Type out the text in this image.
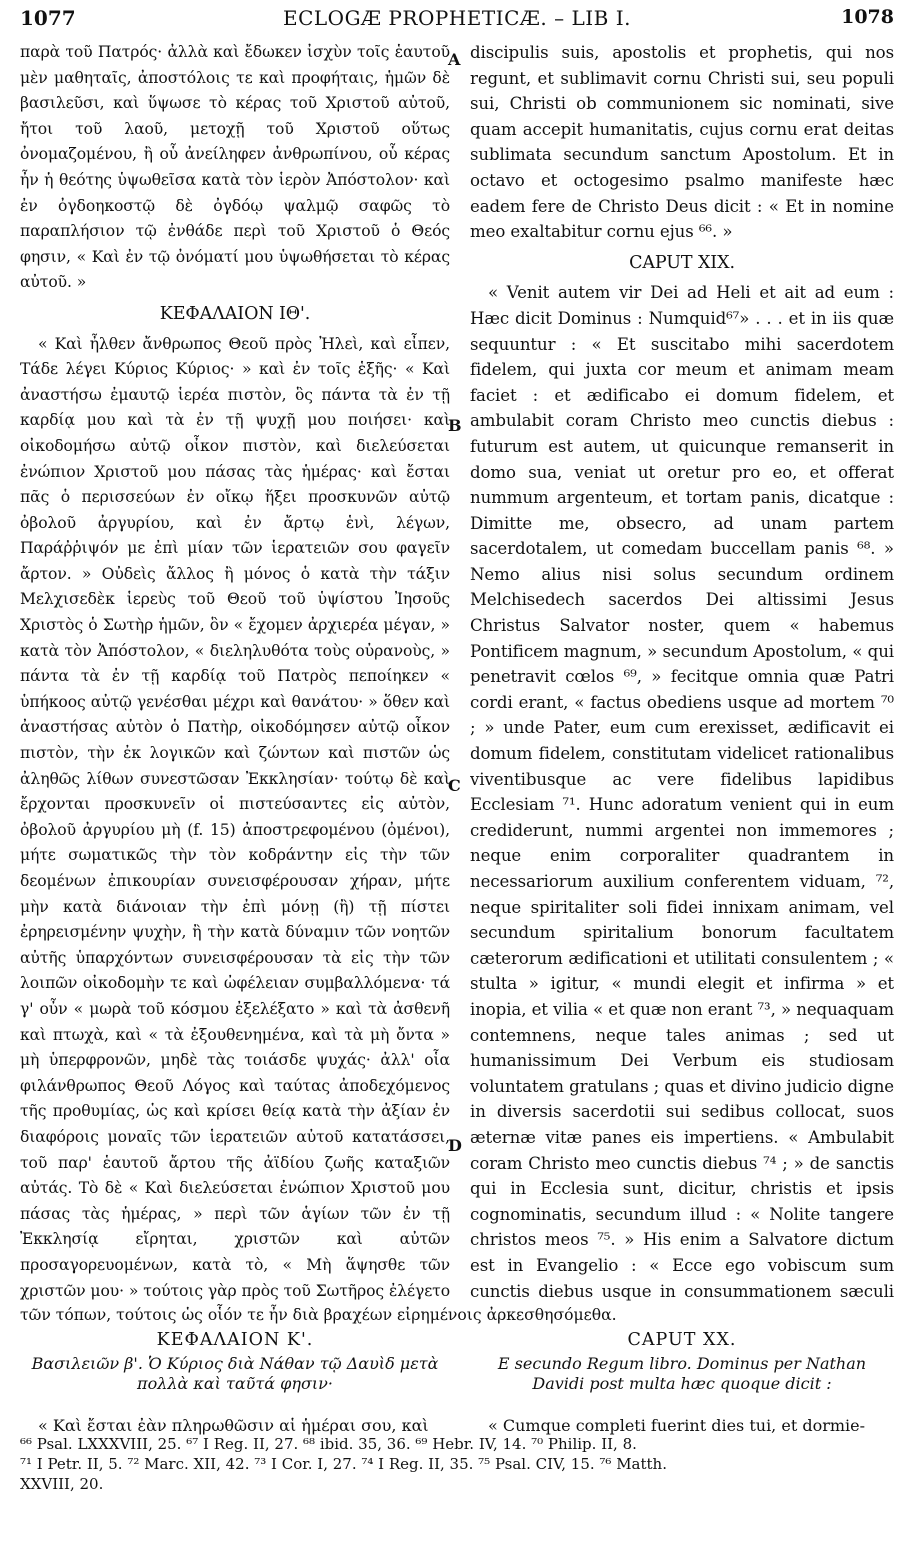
1077	ECLOGÆ PROPHETICÆ. – LIB I.	1078

παρὰ τοῦ Πατρός· ἀλλὰ καὶ ἔδωκεν ἰσχὺν τοῖς ἑαυτοῦ μὲν μαθηταῖς, ἀποστόλοις τε καὶ προφήταις, ἡμῶν δὲ βασιλεῦσι, καὶ ὕψωσε τὸ κέρας τοῦ Χριστοῦ αὐτοῦ, ἤτοι τοῦ λαοῦ, μετοχῇ τοῦ Χριστοῦ οὕτως ὀνομαζομένου, ἢ οὗ ἀνείληφεν ἀνθρωπίνου, οὗ κέρας ἦν ἡ θεότης ὑψωθεῖσα κατὰ τὸν ἱερὸν Ἀπόστολον· καὶ ἐν ὀγδοηκοστῷ δὲ ὀγδόῳ ψαλμῷ σαφῶς τὸ παραπλήσιον τῷ ἐνθάδε περὶ τοῦ Χριστοῦ ὁ Θεός φησιν, « Καὶ ἐν τῷ ὀνόματί μου ὑψωθήσεται τὸ κέρας αὐτοῦ. »

ΚΕΦΑΛΑΙΟΝ ΙΘ'.

« Καὶ ἦλθεν ἄνθρωπος Θεοῦ πρὸς Ἠλεὶ, καὶ εἶπεν, Τάδε λέγει Κύριος Κύριος· » καὶ ἐν τοῖς ἑξῆς· « Καὶ ἀναστήσω ἐμαυτῷ ἱερέα πιστὸν, ὃς πάντα τὰ ἐν τῇ καρδίᾳ μου καὶ τὰ ἐν τῇ ψυχῇ μου ποιήσει· καὶ οἰκοδομήσω αὐτῷ οἶκον πιστὸν, καὶ διελεύσεται ἐνώπιον Χριστοῦ μου πάσας τὰς ἡμέρας· καὶ ἔσται πᾶς ὁ περισσεύων ἐν οἴκῳ ἥξει προσκυνῶν αὐτῷ ὀβολοῦ ἀργυρίου, καὶ ἐν ἄρτῳ ἑνὶ, λέγων, Παράῤῥιψόν με ἐπὶ μίαν τῶν ἱερατειῶν σου φαγεῖν ἄρτον. » Οὐδεὶς ἄλλος ἢ μόνος ὁ κατὰ τὴν τάξιν Μελχισεδὲκ ἱερεὺς τοῦ Θεοῦ τοῦ ὑψίστου Ἰησοῦς Χριστὸς ὁ Σωτὴρ ἡμῶν, ὃν « ἔχομεν ἀρχιερέα μέγαν, » κατὰ τὸν Ἀπόστολον, « διεληλυθότα τοὺς οὐρανοὺς, » πάντα τὰ ἐν τῇ καρδίᾳ τοῦ Πατρὸς πεποίηκεν « ὑπήκοος αὐτῷ γενέσθαι μέχρι καὶ θανάτου· » ὅθεν καὶ ἀναστήσας αὐτὸν ὁ Πατὴρ, οἰκοδόμησεν αὐτῷ οἶκον πιστὸν, τὴν ἐκ λογικῶν καὶ ζώντων καὶ πιστῶν ὡς ἀληθῶς λίθων συνεστῶσαν Ἐκκλησίαν· τούτῳ δὲ καὶ ἔρχονται προσκυνεῖν οἱ πιστεύσαντες εἰς αὐτὸν, ὀβολοῦ ἀργυρίου μὴ (f. 15) ἀποστρεφομένου (ὀμένοι), μήτε σωματικῶς τὴν τὸν κοδράντην εἰς τὴν τῶν δεομένων ἐπικουρίαν συνεισφέρουσαν χήραν, μήτε μὴν κατὰ διάνοιαν τὴν ἐπὶ μόνῃ (ἢ) τῇ πίστει ἐρηρεισμένην ψυχὴν, ἢ τὴν κατὰ δύναμιν τῶν νοητῶν αὐτῆς ὑπαρχόντων συνεισφέρουσαν τὰ εἰς τὴν τῶν λοιπῶν οἰκοδομὴν τε καὶ ὠφέλειαν συμβαλλόμενα· τά γ' οὖν « μωρὰ τοῦ κόσμου ἐξελέξατο » καὶ τὰ ἀσθενῆ καὶ πτωχὰ, καὶ « τὰ ἐξουθενημένα, καὶ τὰ μὴ ὄντα » μὴ ὑπερφρονῶν, μηδὲ τὰς τοιάσδε ψυχάς· ἀλλ' οἷα φιλάνθρωπος Θεοῦ Λόγος καὶ ταύτας ἀποδεχόμενος τῆς προθυμίας, ὡς καὶ κρίσει θείᾳ κατὰ τὴν ἀξίαν ἐν διαφόροις μοναῖς τῶν ἱερατειῶν αὐτοῦ κατατάσσει, τοῦ παρ' ἑαυτοῦ ἄρτου τῆς ἀϊδίου ζωῆς καταξιῶν αὐτάς. Τὸ δὲ « Καὶ διελεύσεται ἐνώπιον Χριστοῦ μου πάσας τὰς ἡμέρας, » περὶ τῶν ἁγίων τῶν ἐν τῇ Ἐκκλησίᾳ εἴρηται, χριστῶν καὶ αὐτῶν προσαγορευομένων, κατὰ τὸ, « Μὴ ἅψησθε τῶν χριστῶν μου· » τούτοις γὰρ πρὸς τοῦ Σωτῆρος ἐλέγετο

discipulis suis, apostolis et prophetis, qui nos regunt, et sublimavit cornu Christi sui, seu populi sui, Christi ob communionem sic nominati, sive quam accepit humanitatis, cujus cornu erat deitas sublimata secundum sanctum Apostolum. Et in octavo et octogesimo psalmo manifeste hæc eadem fere de Christo Deus dicit : « Et in nomine meo exaltabitur cornu ejus ⁶⁶. »

CAPUT XIX.

« Venit autem vir Dei ad Heli et ait ad eum : Hæc dicit Dominus : Numquid⁶⁷» . . . et in iis quæ sequuntur : « Et suscitabo mihi sacerdotem fidelem, qui juxta cor meum et animam meam faciet : et ædificabo ei domum fidelem, et ambulabit coram Christo meo cunctis diebus : futurum est autem, ut quicunque remanserit in domo sua, veniat ut oretur pro eo, et offerat nummum argenteum, et tortam panis, dicatque : Dimitte me, obsecro, ad unam partem sacerdotalem, ut comedam buccellam panis ⁶⁸. » Nemo alius nisi solus secundum ordinem Melchisedech sacerdos Dei altissimi Jesus Christus Salvator noster, quem « habemus Pontificem magnum, » secundum Apostolum, « qui penetravit cœlos ⁶⁹, » fecitque omnia quæ Patri cordi erant, « factus obediens usque ad mortem ⁷⁰ ; » unde Pater, eum cum erexisset, ædificavit ei domum fidelem, constitutam videlicet rationalibus viventibusque ac vere fidelibus lapidibus Ecclesiam ⁷¹. Hunc adoratum venient qui in eum crediderunt, nummi argentei non immemores ; neque enim corporaliter quadrantem in necessariorum auxilium conferentem viduam, ⁷², neque spiritaliter soli fidei innixam animam, vel secundum spiritalium bonorum facultatem cæterorum ædificationi et utilitati consulentem ; « stulta » igitur, « mundi elegit et infirma » et inopia, et vilia « et quæ non erant ⁷³, » nequaquam contemnens, neque tales animas ; sed ut humanissimum Dei Verbum eis studiosam voluntatem gratulans ; quas et divino judicio digne in diversis sacerdotii sui sedibus collocat, suos æternæ vitæ panes eis impertiens. « Ambulabit coram Christo meo cunctis diebus ⁷⁴ ; » de sanctis qui in Ecclesia sunt, dicitur, christis et ipsis cognominatis, secundum illud : « Nolite tangere christos meos ⁷⁵. » His enim a Salvatore dictum est in Evangelio : « Ecce ego vobiscum sum cunctis diebus usque in consummationem sæculi

A
B
C
D
τῶν τόπων, τούτοις ὡς οἷόν τε ἦν διὰ βραχέων εἰρημένοις ἀρκεσθησόμεθα.

ΚΕΦΑΛΑΙΟΝ Κ'.

Βασιλειῶν β'. Ὁ Κύριος διὰ Νάθαν τῷ Δαυὶδ μετὰ πολλὰ καὶ ταῦτά φησιν·

« Καὶ ἔσται ἐὰν πληρωθῶσιν αἱ ἡμέραι σου, καὶ

CAPUT XX.

E secundo Regum libro. Dominus per Nathan Davidi post multa hæc quoque dicit :

« Cumque completi fuerint dies tui, et dormie-

⁶⁶ Psal. LXXXVIII, 25. ⁶⁷ I Reg. II, 27. ⁶⁸ ibid. 35, 36. ⁶⁹ Hebr. IV, 14. ⁷⁰ Philip. II, 8.

⁷¹ I Petr. II, 5. ⁷² Marc. XII, 42. ⁷³ I Cor. I, 27. ⁷⁴ I Reg. II, 35. ⁷⁵ Psal. CIV, 15. ⁷⁶ Matth.

XXVIII, 20.
